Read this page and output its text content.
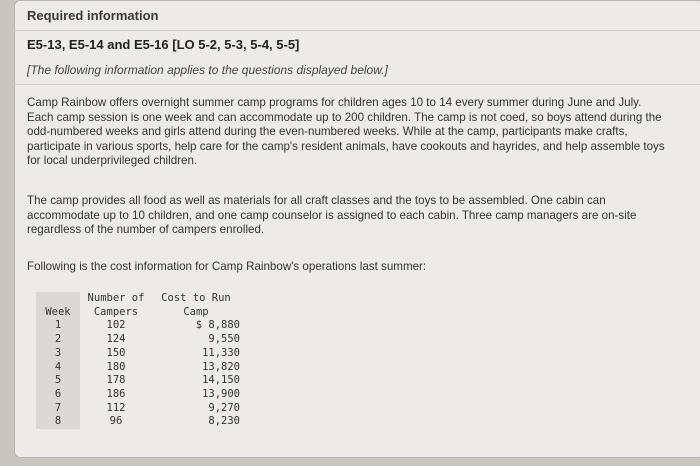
Required information
E5-13, E5-14 and E5-16 [LO 5-2, 5-3, 5-4, 5-5]
[The following information applies to the questions displayed below.]

Camp Rainbow offers overnight summer camp programs for children ages 10 to 14 every summer during June and July. Each camp session is one week and can accommodate up to 200 children. The camp is not coed, so boys attend during the odd-numbered weeks and girls attend during the even-numbered weeks. While at the camp, participants make crafts, participate in various sports, help care for the camp's resident animals, have cookouts and hayrides, and help assemble toys for local underprivileged children.

The camp provides all food as well as materials for all craft classes and the toys to be assembled. One cabin can accommodate up to 10 children, and one camp counselor is assigned to each cabin. Three camp managers are on-site regardless of the number of campers enrolled.

Following is the cost information for Camp Rainbow's operations last summer:
	Number of	Cost to Run
Week	Campers	Camp
1	102	$ 8,880
2	124	9,550
3	150	11,330
4	180	13,820
5	178	14,150
6	186	13,900
7	112	9,270
8	96	8,230
